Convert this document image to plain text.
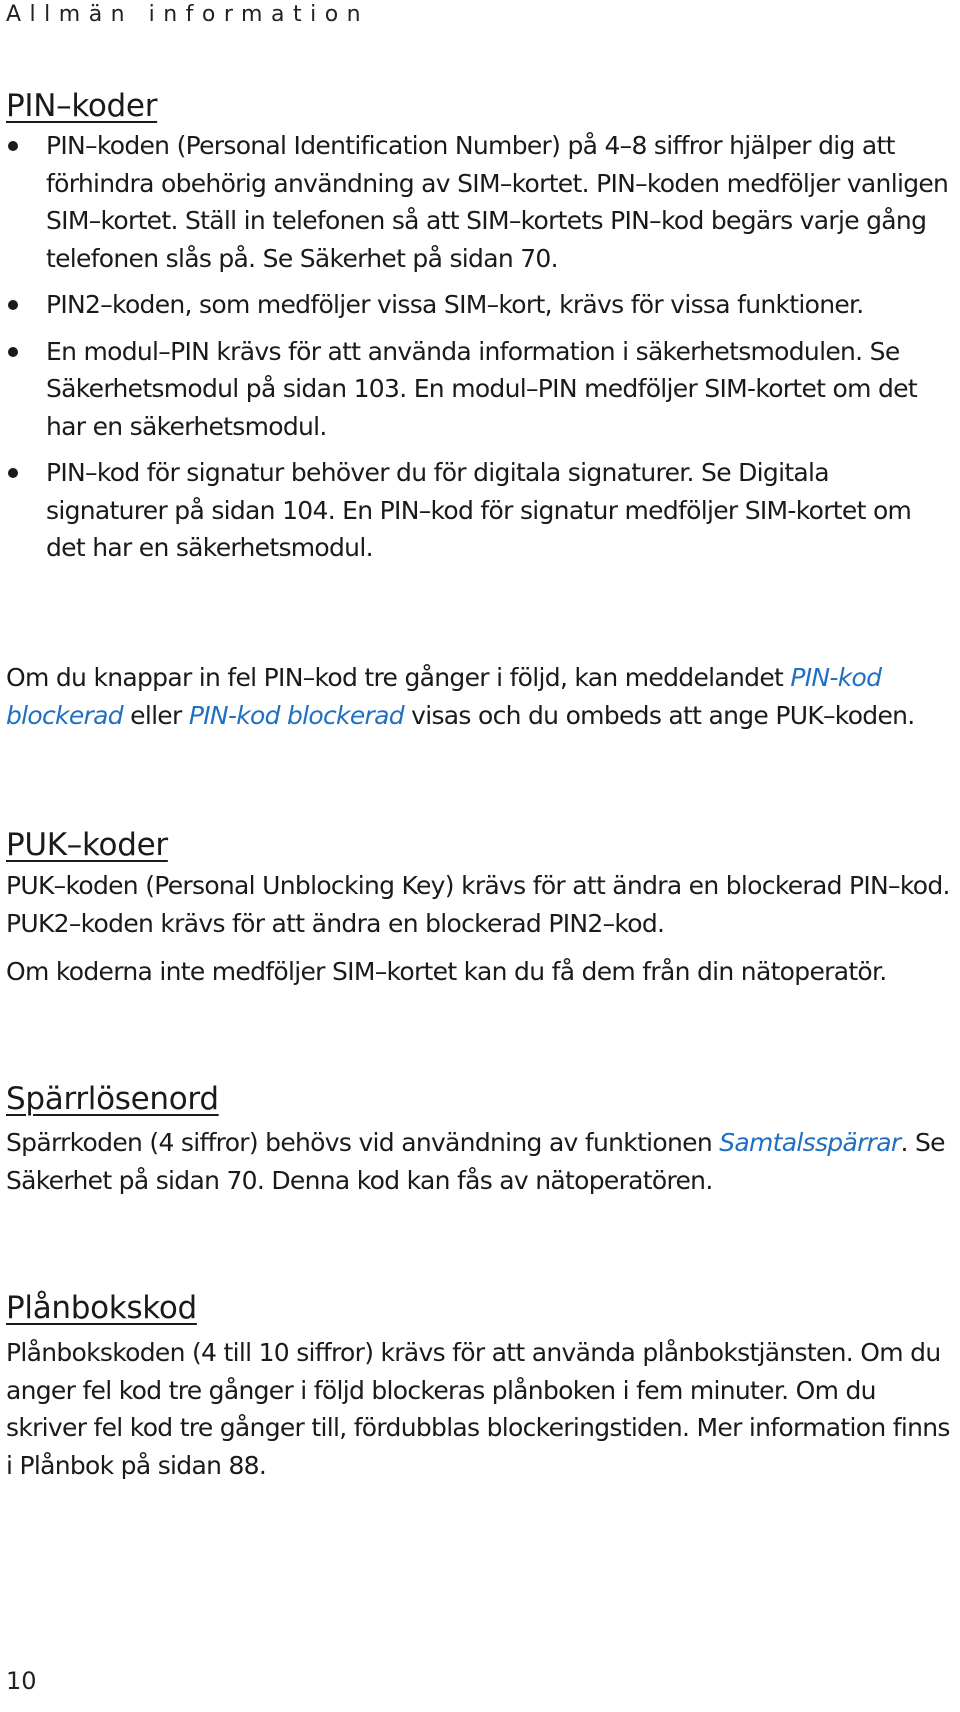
Allmän information
PIN–koder
PIN–koden (Personal Identification Number) på 4–8 siffror hjälper dig att förhindra obehörig användning av SIM–kortet. PIN–koden medföljer vanligen SIM–kortet. Ställ in telefonen så att SIM–kortets PIN–kod begärs varje gång telefonen slås på. Se Säkerhet på sidan 70.
PIN2–koden, som medföljer vissa SIM–kort, krävs för vissa funktioner.
En modul–PIN krävs för att använda information i säkerhetsmodulen. Se Säkerhetsmodul på sidan 103. En modul–PIN medföljer SIM-kortet om det har en säkerhetsmodul.
PIN–kod för signatur behöver du för digitala signaturer. Se Digitala signaturer på sidan 104. En PIN–kod för signatur medföljer SIM-kortet om det har en säkerhetsmodul.

Om du knappar in fel PIN–kod tre gånger i följd, kan meddelandet PIN-kod blockerad eller PIN-kod blockerad visas och du ombeds att ange PUK–koden.

PUK–koder

PUK–koden (Personal Unblocking Key) krävs för att ändra en blockerad PIN–kod. PUK2–koden krävs för att ändra en blockerad PIN2–kod.

Om koderna inte medföljer SIM–kortet kan du få dem från din nätoperatör.

Spärrlösenord

Spärrkoden (4 siffror) behövs vid användning av funktionen Samtalsspärrar. Se Säkerhet på sidan 70. Denna kod kan fås av nätoperatören.

Plånbokskod

Plånbokskoden (4 till 10 siffror) krävs för att använda plånbokstjänsten. Om du anger fel kod tre gånger i följd blockeras plånboken i fem minuter. Om du skriver fel kod tre gånger till, fördubblas blockeringstiden. Mer information finns i Plånbok på sidan 88.

10
